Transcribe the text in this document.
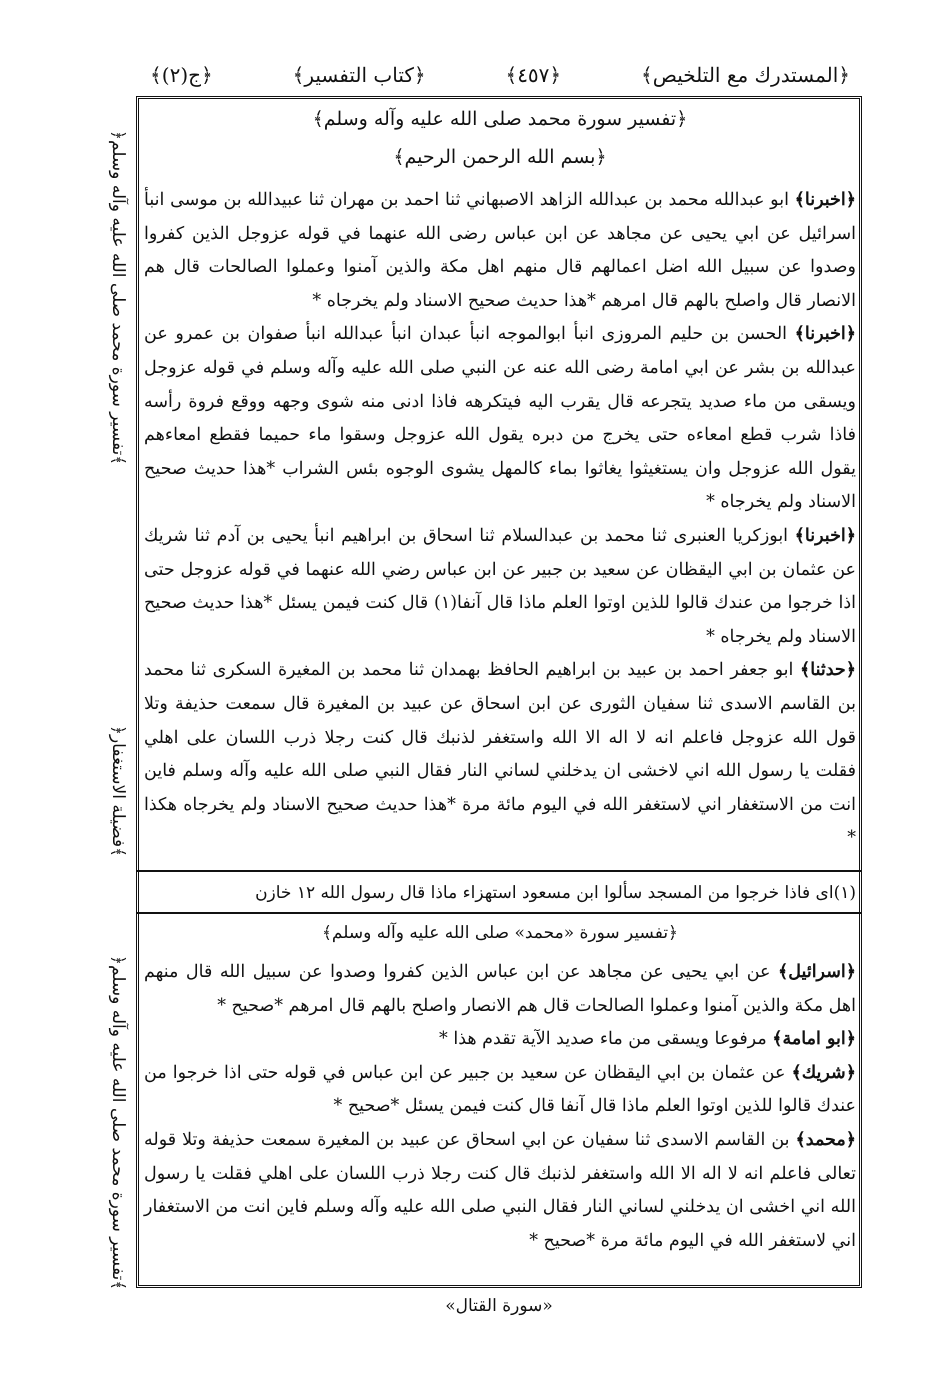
﴿المستدرك مع التلخيص﴾
﴿٤٥٧﴾
﴿كتاب التفسير﴾
﴿ج(٢)﴾
﴿تفسير سورة محمد صلى الله عليه وآله وسلم﴾
﴿فضيلة الاستغفار﴾
﴿تفسير سورة محمد صلى الله عليه وآله وسلم﴾
﴿تفسير سورة محمد صلى الله عليه وآله وسلم﴾
﴿بسم الله الرحمن الرحيم﴾

﴿اخبرنا﴾ ابو عبدالله محمد بن عبدالله الزاهد الاصبهاني ثنا احمد بن مهران ثنا عبيدالله بن موسى انبأ اسرائيل عن ابي يحيى عن مجاهد عن ابن عباس رضى الله عنهما في قوله عزوجل الذين كفروا وصدوا عن سبيل الله اضل اعمالهم قال منهم اهل مكة والذين آمنوا وعملوا الصالحات قال هم الانصار قال واصلح بالهم قال امرهم *هذا حديث صحيح الاسناد ولم يخرجاه *

﴿اخبرنا﴾ الحسن بن حليم المروزى انبأ ابوالموجه انبأ عبدان انبأ عبدالله انبأ صفوان بن عمرو عن عبدالله بن بشر عن ابي امامة رضى الله عنه عن النبي صلى الله عليه وآله وسلم في قوله عزوجل ويسقى من ماء صديد يتجرعه قال يقرب اليه فيتكرهه فاذا ادنى منه شوى وجهه ووقع فروة رأسه فاذا شرب قطع امعاءه حتى يخرج من دبره يقول الله عزوجل وسقوا ماء حميما فقطع امعاءهم يقول الله عزوجل وان يستغيثوا يغاثوا بماء كالمهل يشوى الوجوه بئس الشراب *هذا حديث صحيح الاسناد ولم يخرجاه *

﴿اخبرنا﴾ ابوزكريا العنبرى ثنا محمد بن عبدالسلام ثنا اسحاق بن ابراهيم انبأ يحيى بن آدم ثنا شريك عن عثمان بن ابي اليقظان عن سعيد بن جبير عن ابن عباس رضي الله عنهما في قوله عزوجل حتى اذا خرجوا من عندك قالوا للذين اوتوا العلم ماذا قال آنفا(١) قال كنت فيمن يسئل *هذا حديث صحيح الاسناد ولم يخرجاه *

﴿حدثنا﴾ ابو جعفر احمد بن عبيد بن ابراهيم الحافظ بهمدان ثنا محمد بن المغيرة السكرى ثنا محمد بن القاسم الاسدى ثنا سفيان الثورى عن ابن اسحاق عن عبيد بن المغيرة قال سمعت حذيفة وتلا قول الله عزوجل فاعلم انه لا اله الا الله واستغفر لذنبك قال كنت رجلا ذرب اللسان على اهلي فقلت يا رسول الله اني لاخشى ان يدخلني لساني النار فقال النبي صلى الله عليه وآله وسلم فاين انت من الاستغفار اني لاستغفر الله في اليوم مائة مرة *هذا حديث صحيح الاسناد ولم يخرجاه هكذا *

(١)اى فاذا خرجوا من المسجد سألوا ابن مسعود استهزاء ماذا قال رسول الله ١٢ خازن

﴿تفسير سورة «محمد» صلى الله عليه وآله وسلم﴾

﴿اسرائيل﴾ عن ابي يحيى عن مجاهد عن ابن عباس الذين كفروا وصدوا عن سبيل الله قال منهم اهل مكة والذين آمنوا وعملوا الصالحات قال هم الانصار واصلح بالهم قال امرهم *صحيح *

﴿ابو امامة﴾ مرفوعا ويسقى من ماء صديد الآية تقدم هذا *

﴿شريك﴾ عن عثمان بن ابي اليقظان عن سعيد بن جبير عن ابن عباس في قوله حتى اذا خرجوا من عندك قالوا للذين اوتوا العلم ماذا قال آنفا قال كنت فيمن يسئل *صحيح *

﴿محمد﴾ بن القاسم الاسدى ثنا سفيان عن ابي اسحاق عن عبيد بن المغيرة سمعت حذيفة وتلا قوله تعالى فاعلم انه لا اله الا الله واستغفر لذنبك قال كنت رجلا ذرب اللسان على اهلي فقلت يا رسول الله اني اخشى ان يدخلني لساني النار فقال النبي صلى الله عليه وآله وسلم فاين انت من الاستغفار اني لاستغفر الله في اليوم مائة مرة *صحيح *

«سورة القتال»
